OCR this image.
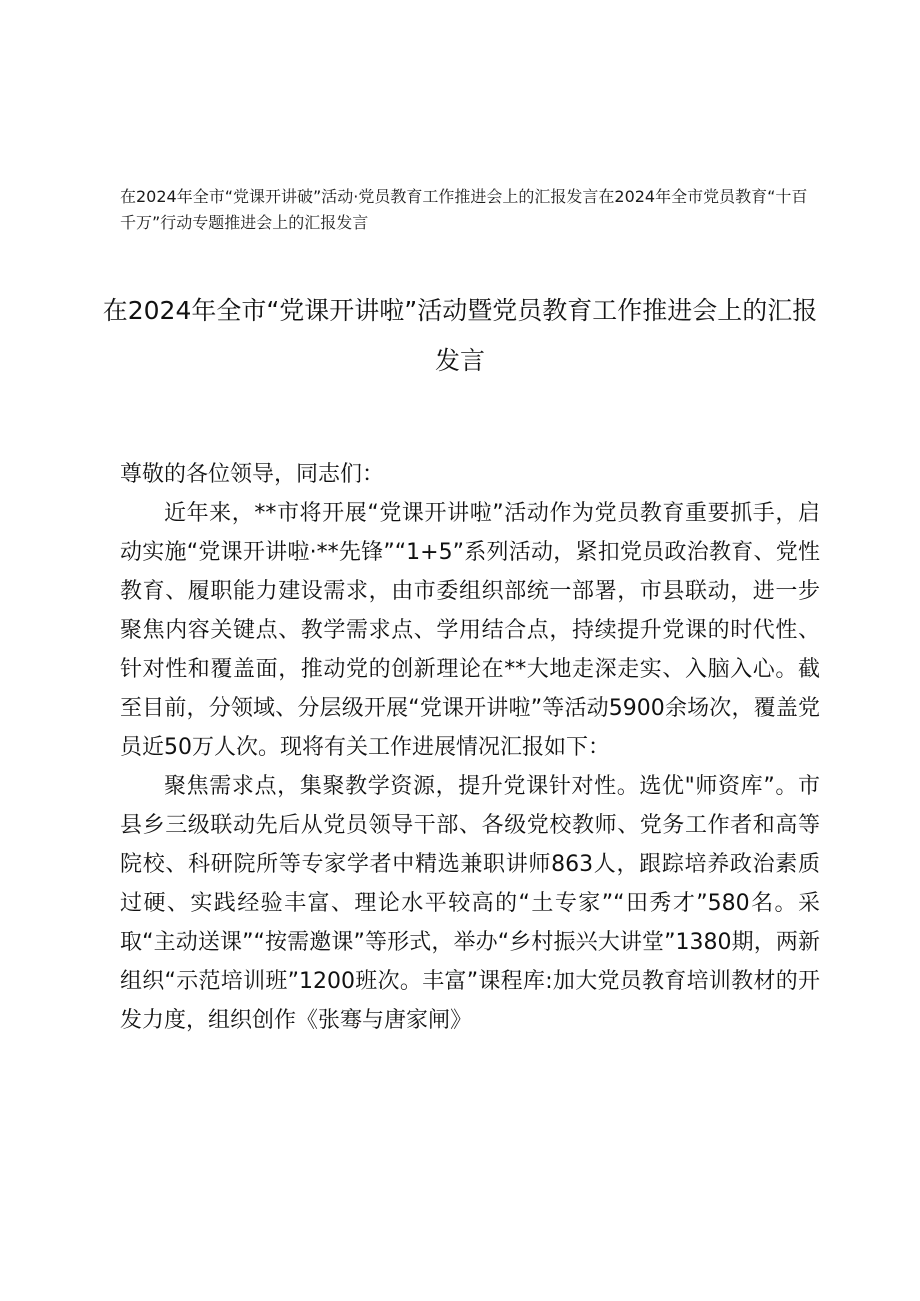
在2024年全市“党课开讲破”活动·党员教育工作推进会上的汇报发言在2024年全市党员教育“十百千万”行动专题推进会上的汇报发言
在2024年全市“党课开讲啦”活动暨党员教育工作推进会上的汇报发言

尊敬的各位领导，同志们：

近年来，**市将开展“党课开讲啦”活动作为党员教育重要抓手，启动实施“党课开讲啦·**先锋”“1+5”系列活动，紧扣党员政治教育、党性教育、履职能力建设需求，由市委组织部统一部署，市县联动，进一步聚焦内容关键点、教学需求点、学用结合点，持续提升党课的时代性、针对性和覆盖面，推动党的创新理论在**大地走深走实、入脑入心。截至目前，分领域、分层级开展“党课开讲啦”等活动5900余场次，覆盖党员近50万人次。现将有关工作进展情况汇报如下：

聚焦需求点，集聚教学资源，提升党课针对性。选优"师资库”。市县乡三级联动先后从党员领导干部、各级党校教师、党务工作者和高等院校、科研院所等专家学者中精选兼职讲师863人，跟踪培养政治素质过硬、实践经验丰富、理论水平较高的“土专家”“田秀才”580名。采取“主动送课”“按需邀课”等形式，举办“乡村振兴大讲堂”1380期，两新组织“示范培训班”1200班次。丰富”课程库:加大党员教育培训教材的开发力度，组织创作《张骞与唐家闸》
